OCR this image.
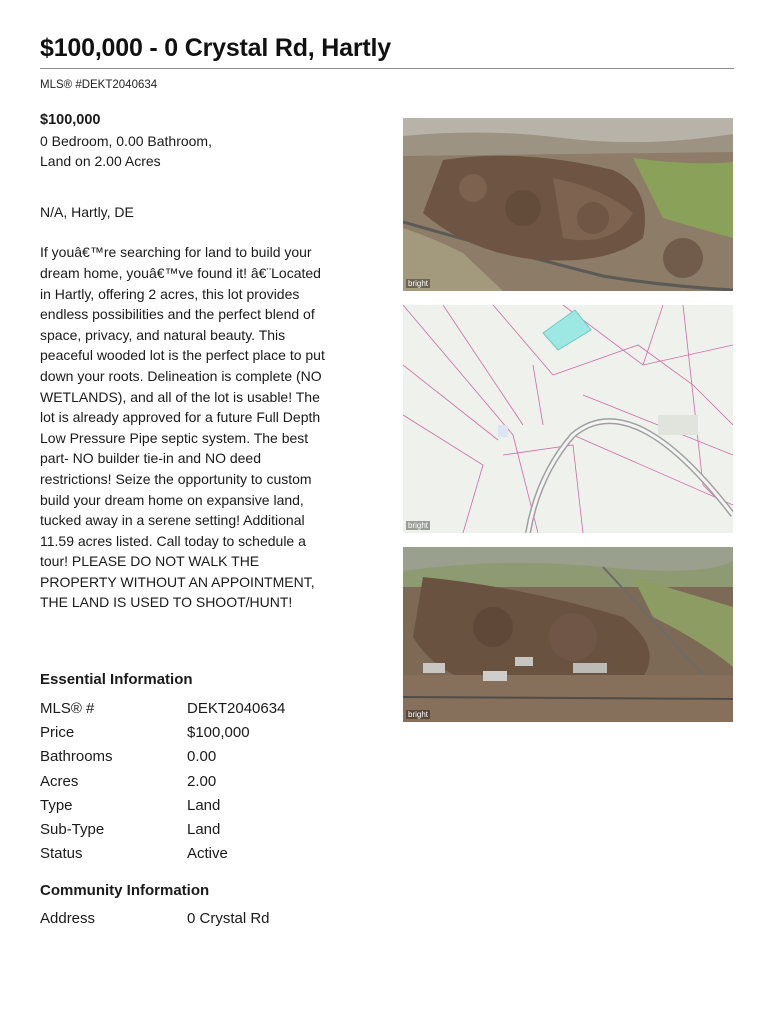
$100,000 - 0 Crystal Rd, Hartly
MLS® #DEKT2040634
$100,000
0 Bedroom, 0.00 Bathroom,
Land on 2.00 Acres
N/A, Hartly, DE
If youâ€™re searching for land to build your
dream home, youâ€™ve found it! â€¨Located
in Hartly, offering 2 acres, this lot provides
endless possibilities and the perfect blend of
space, privacy, and natural beauty. This
peaceful wooded lot is the perfect place to put
down your roots. Delineation is complete (NO
WETLANDS), and all of the lot is usable! The
lot is already approved for a future Full Depth
Low Pressure Pipe septic system. The best
part- NO builder tie-in and NO deed
restrictions! Seize the opportunity to custom
build your dream home on expansive land,
tucked away in a serene setting! Additional
11.59 acres listed. Call today to schedule a
tour! PLEASE DO NOT WALK THE
PROPERTY WITHOUT AN APPOINTMENT,
THE LAND IS USED TO SHOOT/HUNT!
Essential Information
MLS® #	DEKT2040634
Price	$100,000
Bathrooms	0.00
Acres	2.00
Type	Land
Sub-Type	Land
Status	Active
Community Information
Address	0 Crystal Rd
bright
bright
bright
